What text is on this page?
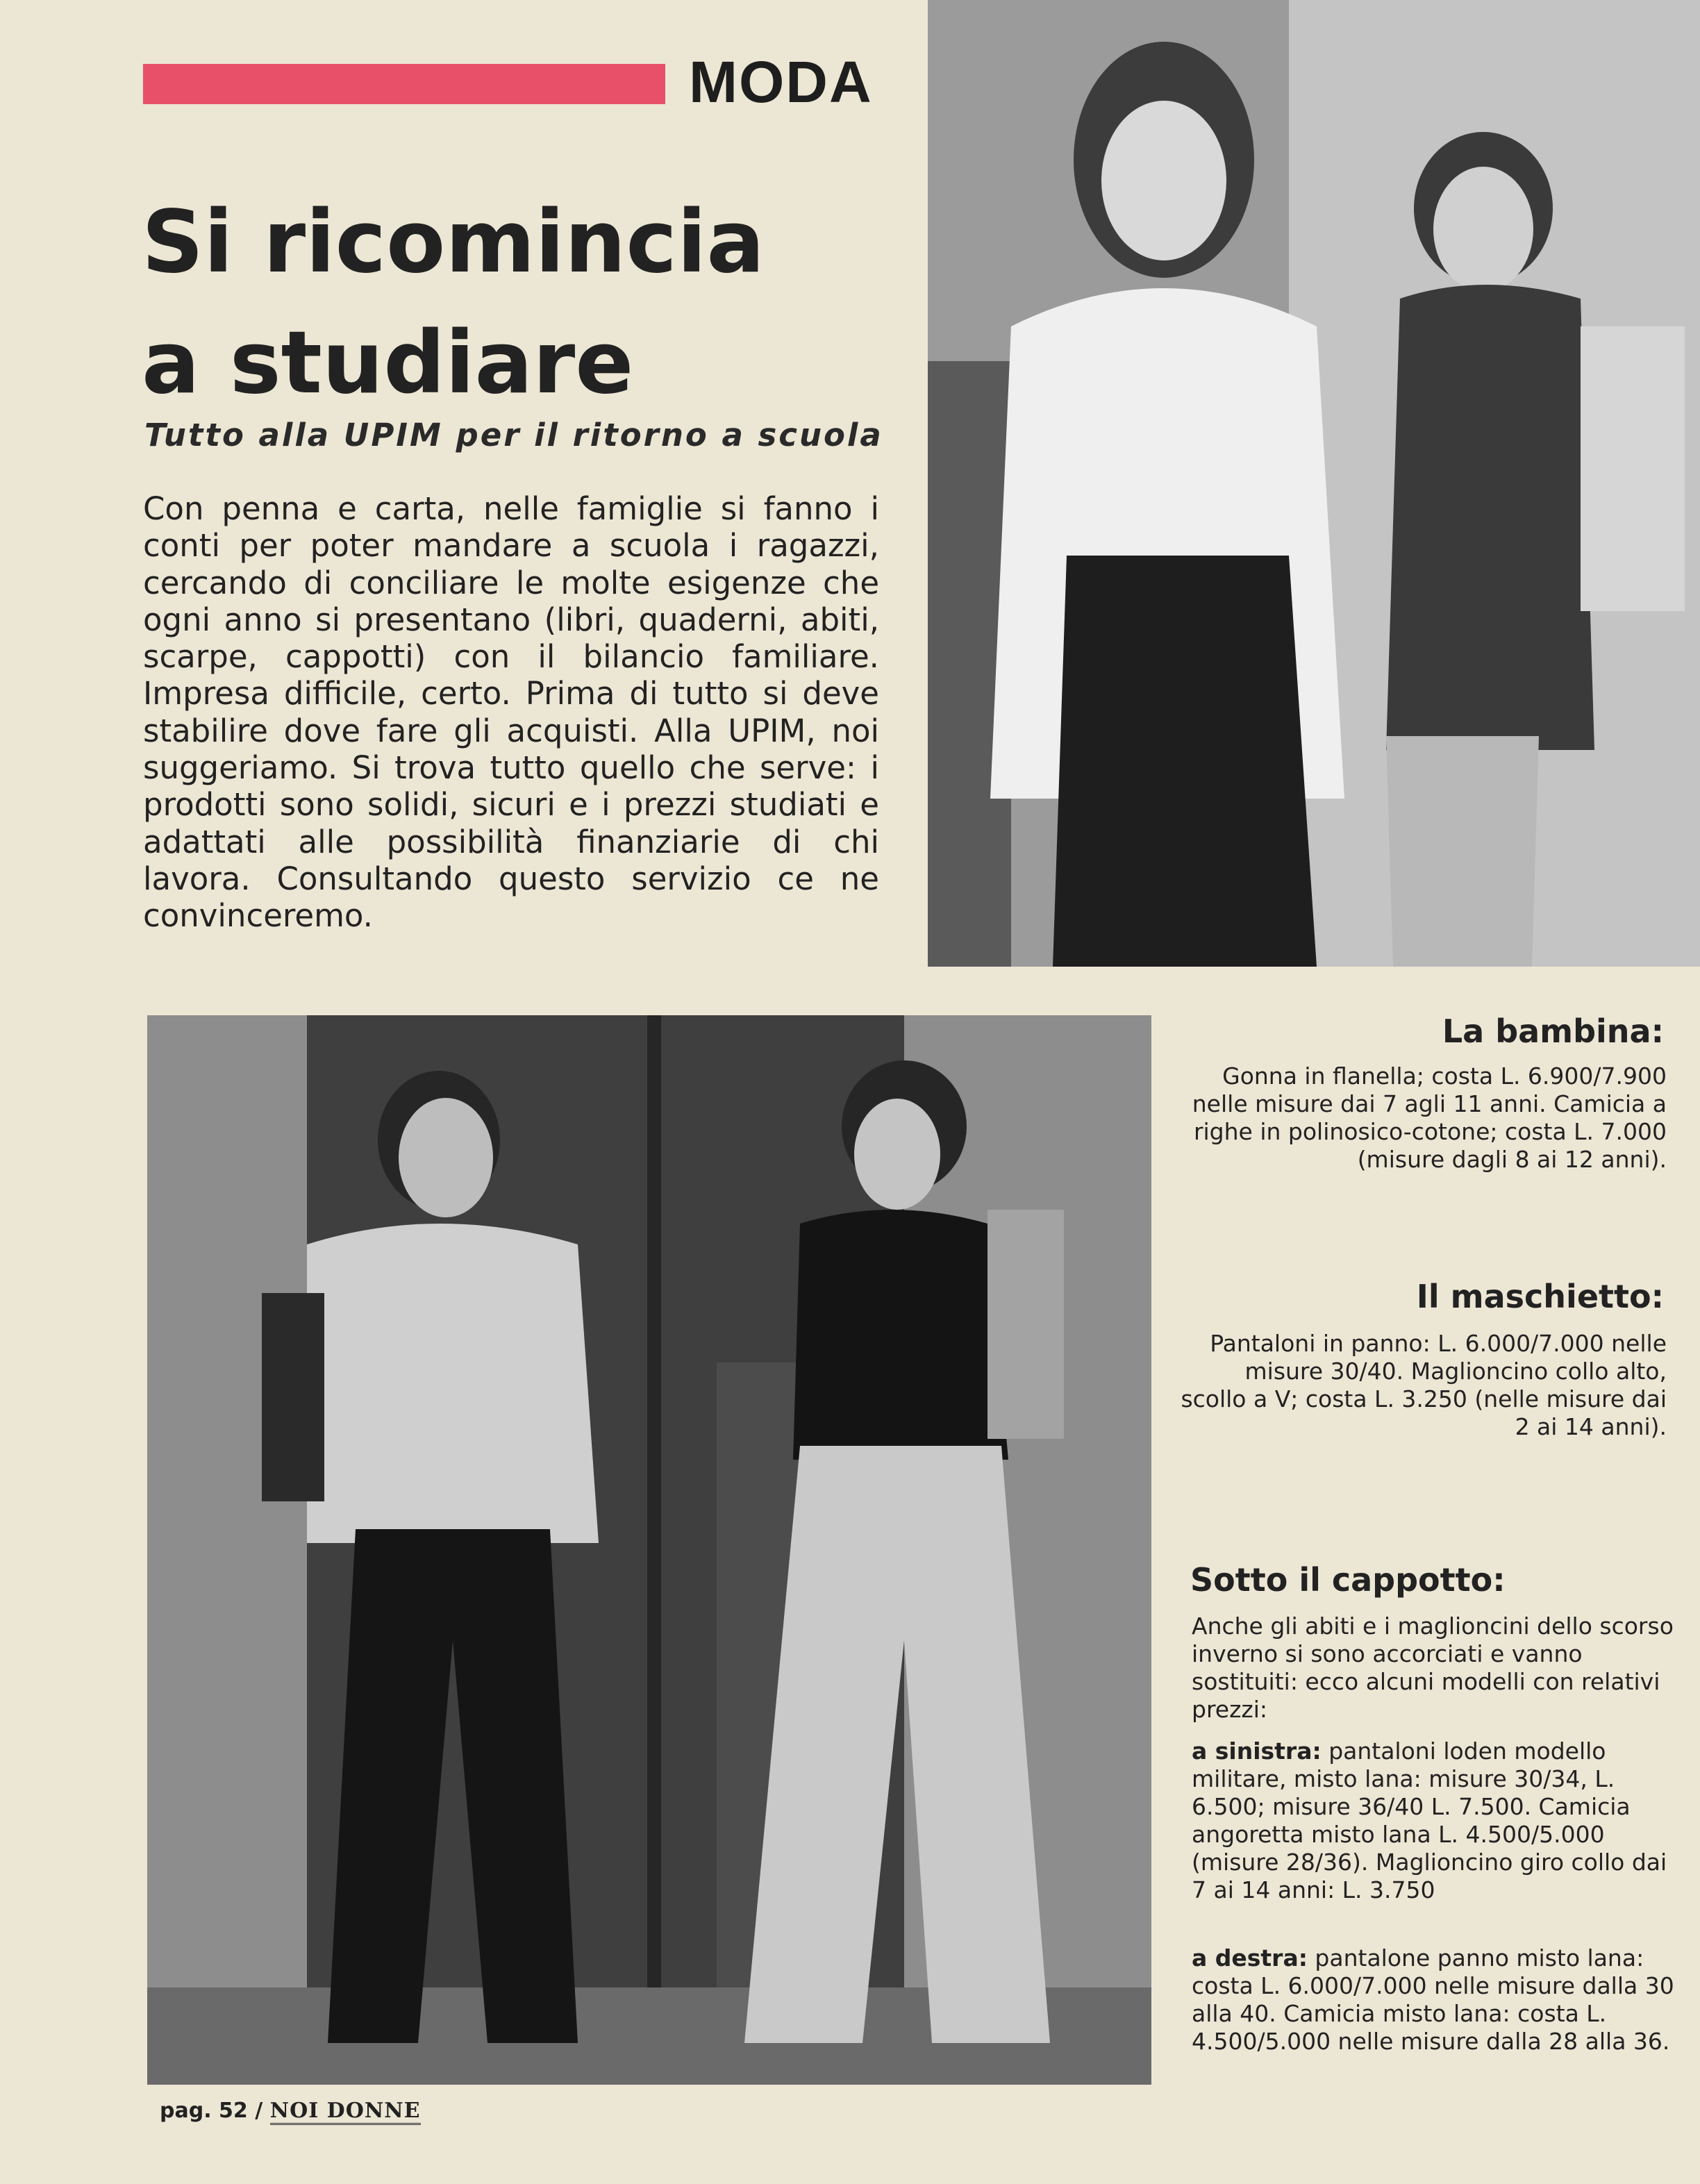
MODA
Si ricomincia
a studiare
Tutto alla UPIM per il ritorno a scuola
Con penna e carta, nelle famiglie si fanno i conti per poter mandare a scuola i ragazzi, cercando di conciliare le molte esigenze che ogni anno si presentano (libri, quaderni, abiti, scarpe, cappotti) con il bilancio familiare. Impresa difficile, certo. Prima di tutto si deve stabilire dove fare gli acquisti. Alla UPIM, noi suggeriamo. Si trova tutto quello che serve: i prodotti sono solidi, sicuri e i prezzi studiati e adattati alle possibilità finanziarie di chi lavora. Consultando questo servizio ce ne convinceremo.
La bambina:
Gonna in flanella; costa L. 6.900/7.900 nelle misure dai 7 agli 11 anni. Camicia a righe in polinosico-cotone; costa L. 7.000 (misure dagli 8 ai 12 anni).
Il maschietto:
Pantaloni in panno: L. 6.000/7.000 nelle misure 30/40. Maglioncino collo alto, scollo a V; costa L. 3.250 (nelle misure dai 2 ai 14 anni).
Sotto il cappotto:
Anche gli abiti e i maglioncini dello scorso inverno si sono accorciati e vanno sostituiti: ecco alcuni modelli con relativi prezzi:
a sinistra: pantaloni loden modello militare, misto lana: misure 30/34, L. 6.500; misure 36/40 L. 7.500. Camicia angoretta misto lana L. 4.500/5.000 (misure 28/36). Maglioncino giro collo dai 7 ai 14 anni: L. 3.750
a destra: pantalone panno misto lana: costa L. 6.000/7.000 nelle misure dalla 30 alla 40. Camicia misto lana: costa L. 4.500/5.000 nelle misure dalla 28 alla 36.
pag. 52 / NOI DONNE
